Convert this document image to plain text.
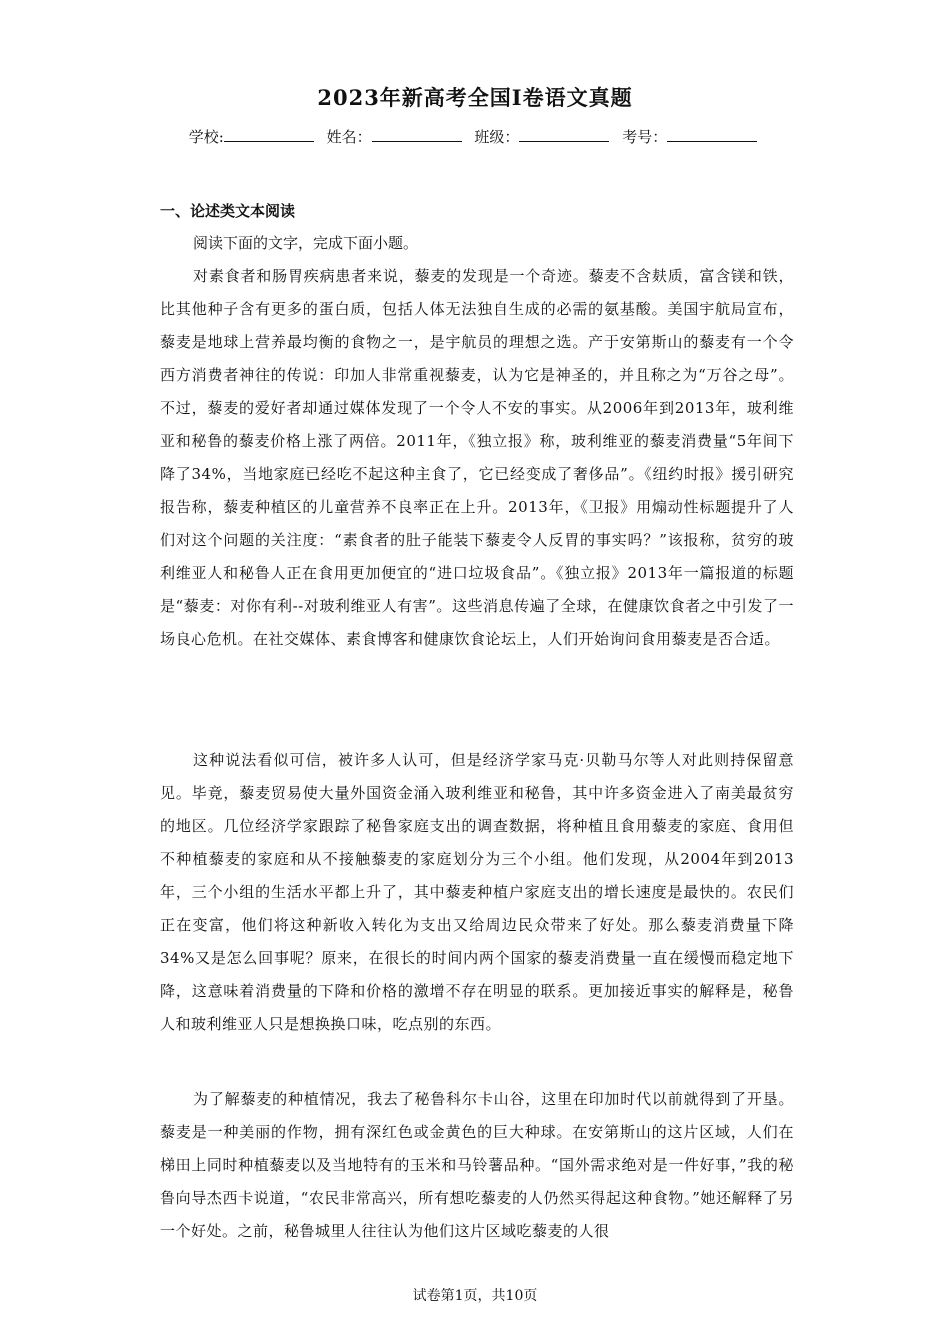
2023年新高考全国Ⅰ卷语文真题
学校:	姓名：	班级：	考号：
一、论述类文本阅读
阅读下面的文字，完成下面小题。
对素食者和肠胃疾病患者来说，藜麦的发现是一个奇迹。藜麦不含麸质，富含镁和铁，比其他种子含有更多的蛋白质，包括人体无法独自生成的必需的氨基酸。美国宇航局宣布，藜麦是地球上营养最均衡的食物之一，是宇航员的理想之选。产于安第斯山的藜麦有一个令西方消费者神往的传说：印加人非常重视藜麦，认为它是神圣的，并且称之为“万谷之母”。不过，藜麦的爱好者却通过媒体发现了一个令人不安的事实。从2006年到2013年，玻利维亚和秘鲁的藜麦价格上涨了两倍。2011年，《独立报》称，玻利维亚的藜麦消费量“5年间下降了34%，当地家庭已经吃不起这种主食了，它已经变成了奢侈品”。《纽约时报》援引研究报告称，藜麦种植区的儿童营养不良率正在上升。2013年，《卫报》用煽动性标题提升了人们对这个问题的关注度：“素食者的肚子能装下藜麦令人反胃的事实吗？”该报称，贫穷的玻利维亚人和秘鲁人正在食用更加便宜的“进口垃圾食品”。《独立报》2013年一篇报道的标题是“藜麦：对你有利--对玻利维亚人有害”。这些消息传遍了全球，在健康饮食者之中引发了一场良心危机。在社交媒体、素食博客和健康饮食论坛上，人们开始询问食用藜麦是否合适。
这种说法看似可信，被许多人认可，但是经济学家马克·贝勒马尔等人对此则持保留意见。毕竟，藜麦贸易使大量外国资金涌入玻利维亚和秘鲁，其中许多资金进入了南美最贫穷的地区。几位经济学家跟踪了秘鲁家庭支出的调查数据，将种植且食用藜麦的家庭、食用但不种植藜麦的家庭和从不接触藜麦的家庭划分为三个小组。他们发现，从2004年到2013年，三个小组的生活水平都上升了，其中藜麦种植户家庭支出的增长速度是最快的。农民们正在变富，他们将这种新收入转化为支出又给周边民众带来了好处。那么藜麦消费量下降34%又是怎么回事呢？原来，在很长的时间内两个国家的藜麦消费量一直在缓慢而稳定地下降，这意味着消费量的下降和价格的激增不存在明显的联系。更加接近事实的解释是，秘鲁人和玻利维亚人只是想换换口味，吃点别的东西。
为了解藜麦的种植情况，我去了秘鲁科尔卡山谷，这里在印加时代以前就得到了开垦。藜麦是一种美丽的作物，拥有深红色或金黄色的巨大种球。在安第斯山的这片区域，人们在梯田上同时种植藜麦以及当地特有的玉米和马铃薯品种。“国外需求绝对是一件好事，”我的秘鲁向导杰西卡说道，“农民非常高兴，所有想吃藜麦的人仍然买得起这种食物。”她还解释了另一个好处。之前，秘鲁城里人往往认为他们这片区域吃藜麦的人很
试卷第1页，共10页
